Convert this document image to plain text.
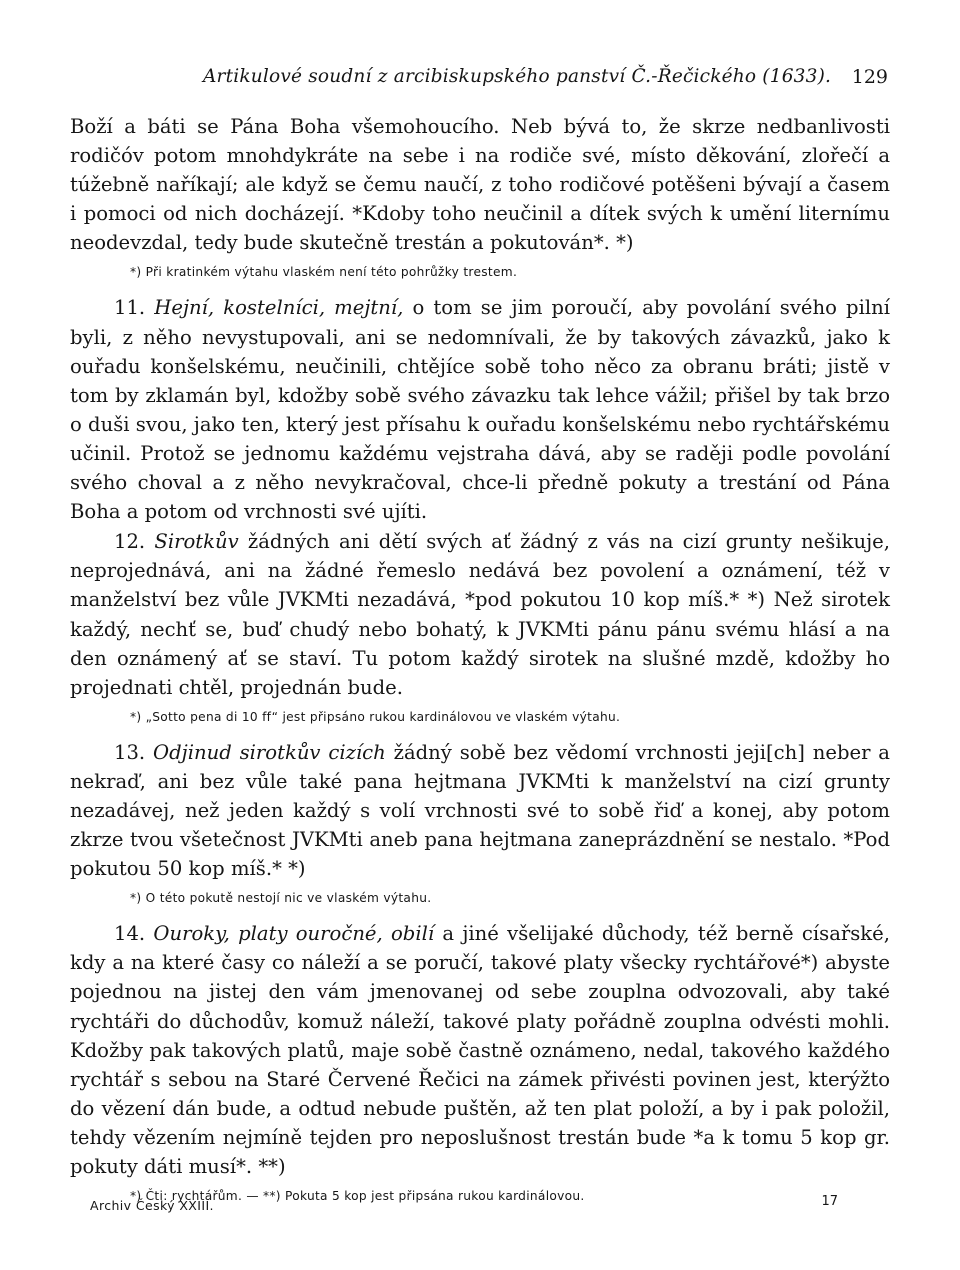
Artikulové soudní z arcibiskupského panství Č.-Řečického (1633). 129

Boží a báti se Pána Boha všemohoucího. Neb bývá to, že skrze nedbanlivosti rodičóv potom mnohdykráte na sebe i na rodiče své, místo děkování, zlořečí a túžebně naříkají; ale když se čemu naučí, z toho rodičové potěšeni bývají a časem i pomoci od nich docházejí. *Kdoby toho neučinil a dítek svých k umění liternímu neodevzdal, tedy bude skutečně trestán a pokutován*. *)

*) Při kratinkém výtahu vlaském není této pohrůžky trestem.

11. Hejní, kostelníci, mejtní, o tom se jim poroučí, aby povolání svého pilní byli, z něho nevystupovali, ani se nedomnívali, že by takových závazků, jako k ouřadu konšelskému, neučinili, chtějíce sobě toho něco za obranu bráti; jistě v tom by zklamán byl, kdožby sobě svého závazku tak lehce vážil; přišel by tak brzo o duši svou, jako ten, který jest přísahu k ouřadu konšelskému nebo rychtářskému učinil. Protož se jednomu každému vejstraha dává, aby se raději podle povolání svého choval a z něho nevykračoval, chce-li předně pokuty a trestání od Pána Boha a potom od vrchnosti své ujíti.

12. Sirotkův žádných ani dětí svých ať žádný z vás na cizí grunty nešikuje, neprojednává, ani na žádné řemeslo nedává bez povolení a oznámení, též v manželství bez vůle JVKMti nezadává, *pod pokutou 10 kop míš.* *) Než sirotek každý, nechť se, buď chudý nebo bohatý, k JVKMti pánu pánu svému hlásí a na den oznámený ať se staví. Tu potom každý sirotek na slušné mzdě, kdožby ho projednati chtěl, projednán bude.

*) „Sotto pena di 10 ff“ jest připsáno rukou kardinálovou ve vlaském výtahu.

13. Odjinud sirotkův cizích žádný sobě bez vědomí vrchnosti jeji[ch] neber a nekraď, ani bez vůle také pana hejtmana JVKMti k manželství na cizí grunty nezadávej, než jeden každý s volí vrchnosti své to sobě řiď a konej, aby potom zkrze tvou všetečnost JVKMti aneb pana hejtmana zaneprázdnění se nestalo. *Pod pokutou 50 kop míš.* *)

*) O této pokutě nestojí nic ve vlaském výtahu.

14. Ouroky, platy ouročné, obilí a jiné všelijaké důchody, též berně císařské, kdy a na které časy co náleží a se poručí, takové platy všecky rychtářové*) abyste pojednou na jistej den vám jmenovanej od sebe zouplna odvozovali, aby také rychtáři do důchodův, komuž náleží, takové platy pořádně zouplna odvésti mohli. Kdožby pak takových platů, maje sobě častně oznámeno, nedal, takového každého rychtář s sebou na Staré Červené Řečici na zámek přivésti povinen jest, kterýžto do vězení dán bude, a odtud nebude puštěn, až ten plat položí, a by i pak položil, tehdy vězením nejmíně tejden pro neposlušnost trestán bude *a k tomu 5 kop gr. pokuty dáti musí*. **)

*) Čti: rychtářům. — **) Pokuta 5 kop jest připsána rukou kardinálovou.

Archiv Český XXIII.	17
